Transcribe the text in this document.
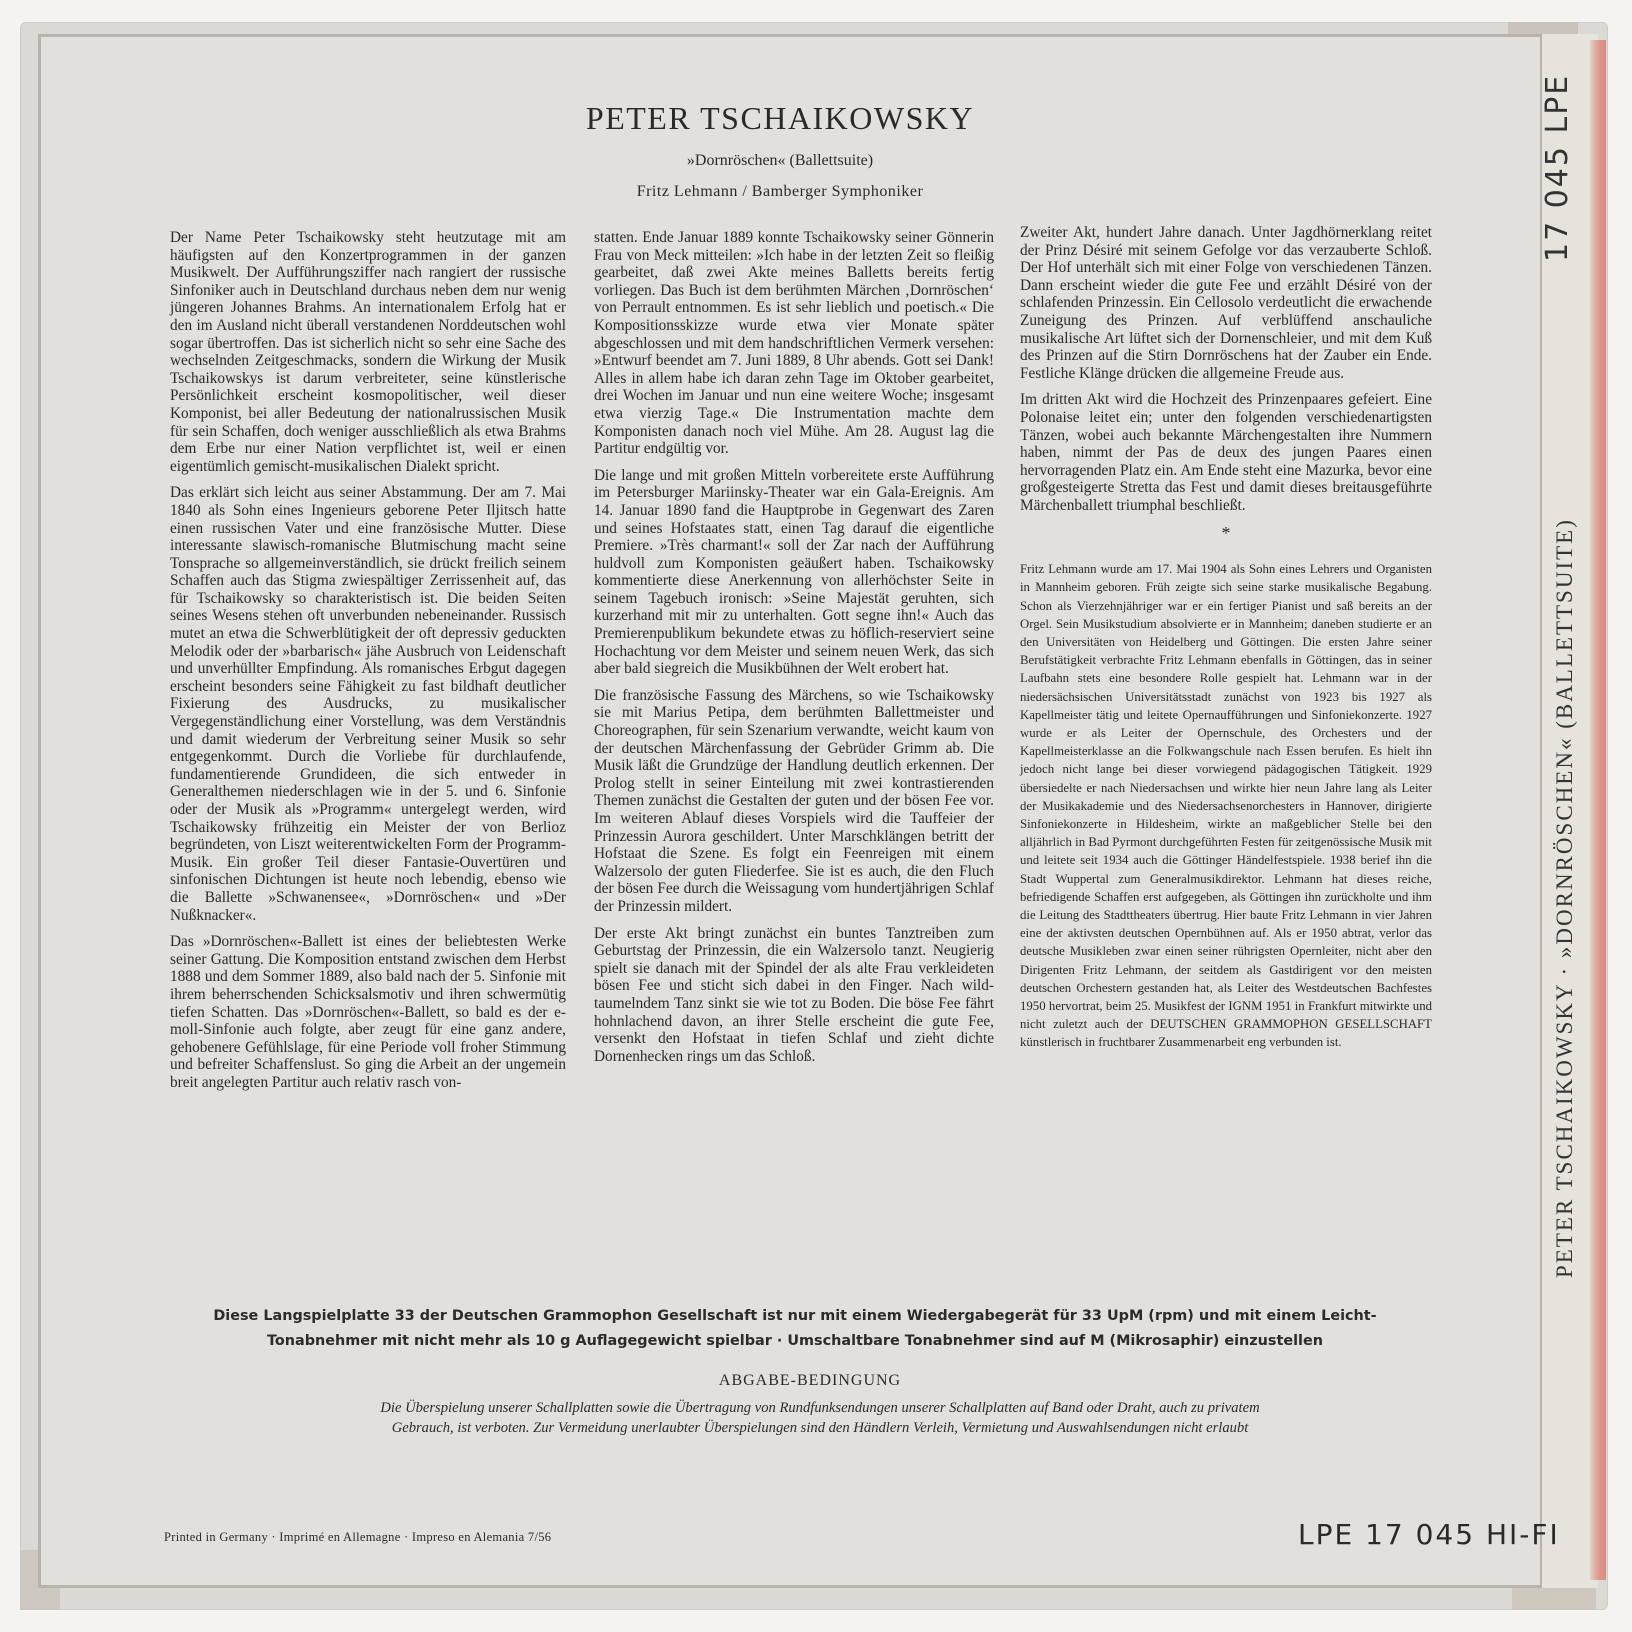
PETER TSCHAIKOWSKY
»Dornröschen« (Ballettsuite)
Fritz Lehmann / Bamberger Symphoniker

Der Name Peter Tschaikowsky steht heutzutage mit am häufigsten auf den Konzertprogrammen in der ganzen Musikwelt. Der Aufführungsziffer nach rangiert der russische Sinfoniker auch in Deutschland durchaus neben dem nur wenig jüngeren Johannes Brahms. An internationalem Erfolg hat er den im Ausland nicht überall verstandenen Norddeutschen wohl sogar übertroffen. Das ist sicherlich nicht so sehr eine Sache des wechselnden Zeitgeschmacks, sondern die Wirkung der Musik Tschaikowskys ist darum verbreiteter, seine künstlerische Persönlichkeit erscheint kosmopolitischer, weil dieser Komponist, bei aller Bedeutung der nationalrussischen Musik für sein Schaffen, doch weniger ausschließlich als etwa Brahms dem Erbe nur einer Nation verpflichtet ist, weil er einen eigentümlich gemischt-musikalischen Dialekt spricht.

Das erklärt sich leicht aus seiner Abstammung. Der am 7. Mai 1840 als Sohn eines Ingenieurs geborene Peter Iljitsch hatte einen russischen Vater und eine französische Mutter. Diese interessante slawisch-romanische Blutmischung macht seine Tonsprache so allgemeinverständlich, sie drückt freilich seinem Schaffen auch das Stigma zwiespältiger Zerrissenheit auf, das für Tschaikowsky so charakteristisch ist. Die beiden Seiten seines Wesens stehen oft unverbunden nebeneinander. Russisch mutet an etwa die Schwerblütigkeit der oft depressiv geduckten Melodik oder der »barbarisch« jähe Ausbruch von Leidenschaft und unverhüllter Empfindung. Als romanisches Erbgut dagegen erscheint besonders seine Fähigkeit zu fast bildhaft deutlicher Fixierung des Ausdrucks, zu musikalischer Vergegenständlichung einer Vorstellung, was dem Verständnis und damit wiederum der Verbreitung seiner Musik so sehr entgegenkommt. Durch die Vorliebe für durchlaufende, fundamentierende Grundideen, die sich entweder in Generalthemen niederschlagen wie in der 5. und 6. Sinfonie oder der Musik als »Programm« untergelegt werden, wird Tschaikowsky frühzeitig ein Meister der von Berlioz begründeten, von Liszt weiterentwickelten Form der Programm-Musik. Ein großer Teil dieser Fantasie-Ouvertüren und sinfonischen Dichtungen ist heute noch lebendig, ebenso wie die Ballette »Schwanensee«, »Dornröschen« und »Der Nußknacker«.

Das »Dornröschen«-Ballett ist eines der beliebtesten Werke seiner Gattung. Die Komposition entstand zwischen dem Herbst 1888 und dem Sommer 1889, also bald nach der 5. Sinfonie mit ihrem beherrschenden Schicksalsmotiv und ihren schwermütig tiefen Schatten. Das »Dornröschen«-Ballett, so bald es der e-moll-Sinfonie auch folgte, aber zeugt für eine ganz andere, gehobenere Gefühlslage, für eine Periode voll froher Stimmung und befreiter Schaffenslust. So ging die Arbeit an der ungemein breit angelegten Partitur auch relativ rasch von-

statten. Ende Januar 1889 konnte Tschaikowsky seiner Gönnerin Frau von Meck mitteilen: »Ich habe in der letzten Zeit so fleißig gearbeitet, daß zwei Akte meines Balletts bereits fertig vorliegen. Das Buch ist dem berühmten Märchen ‚Dornröschen‘ von Perrault entnommen. Es ist sehr lieblich und poetisch.« Die Kompositionsskizze wurde etwa vier Monate später abgeschlossen und mit dem handschriftlichen Vermerk versehen: »Entwurf beendet am 7. Juni 1889, 8 Uhr abends. Gott sei Dank! Alles in allem habe ich daran zehn Tage im Oktober gearbeitet, drei Wochen im Januar und nun eine weitere Woche; insgesamt etwa vierzig Tage.« Die Instrumentation machte dem Komponisten danach noch viel Mühe. Am 28. August lag die Partitur endgültig vor.

Die lange und mit großen Mitteln vorbereitete erste Aufführung im Petersburger Mariinsky-Theater war ein Gala-Ereignis. Am 14. Januar 1890 fand die Hauptprobe in Gegenwart des Zaren und seines Hofstaates statt, einen Tag darauf die eigentliche Premiere. »Très charmant!« soll der Zar nach der Aufführung huldvoll zum Komponisten geäußert haben. Tschaikowsky kommentierte diese Anerkennung von allerhöchster Seite in seinem Tagebuch ironisch: »Seine Majestät geruhten, sich kurzerhand mit mir zu unterhalten. Gott segne ihn!« Auch das Premierenpublikum bekundete etwas zu höflich-reserviert seine Hochachtung vor dem Meister und seinem neuen Werk, das sich aber bald siegreich die Musikbühnen der Welt erobert hat.

Die französische Fassung des Märchens, so wie Tschaikowsky sie mit Marius Petipa, dem berühmten Ballettmeister und Choreographen, für sein Szenarium verwandte, weicht kaum von der deutschen Märchenfassung der Gebrüder Grimm ab. Die Musik läßt die Grundzüge der Handlung deutlich erkennen. Der Prolog stellt in seiner Einteilung mit zwei kontrastierenden Themen zunächst die Gestalten der guten und der bösen Fee vor. Im weiteren Ablauf dieses Vorspiels wird die Tauffeier der Prinzessin Aurora geschildert. Unter Marschklängen betritt der Hofstaat die Szene. Es folgt ein Feenreigen mit einem Walzersolo der guten Fliederfee. Sie ist es auch, die den Fluch der bösen Fee durch die Weissagung vom hundertjährigen Schlaf der Prinzessin mildert.

Der erste Akt bringt zunächst ein buntes Tanztreiben zum Geburtstag der Prinzessin, die ein Walzersolo tanzt. Neugierig spielt sie danach mit der Spindel der als alte Frau verkleideten bösen Fee und sticht sich dabei in den Finger. Nach wild-taumelndem Tanz sinkt sie wie tot zu Boden. Die böse Fee fährt hohnlachend davon, an ihrer Stelle erscheint die gute Fee, versenkt den Hofstaat in tiefen Schlaf und zieht dichte Dornenhecken rings um das Schloß.

Zweiter Akt, hundert Jahre danach. Unter Jagdhörnerklang reitet der Prinz Désiré mit seinem Gefolge vor das verzauberte Schloß. Der Hof unterhält sich mit einer Folge von verschiedenen Tänzen. Dann erscheint wieder die gute Fee und erzählt Désiré von der schlafenden Prinzessin. Ein Cellosolo verdeutlicht die erwachende Zuneigung des Prinzen. Auf verblüffend anschauliche musikalische Art lüftet sich der Dornenschleier, und mit dem Kuß des Prinzen auf die Stirn Dornröschens hat der Zauber ein Ende. Festliche Klänge drücken die allgemeine Freude aus.

Im dritten Akt wird die Hochzeit des Prinzenpaares gefeiert. Eine Polonaise leitet ein; unter den folgenden verschiedenartigsten Tänzen, wobei auch bekannte Märchengestalten ihre Nummern haben, nimmt der Pas de deux des jungen Paares einen hervorragenden Platz ein. Am Ende steht eine Mazurka, bevor eine großgesteigerte Stretta das Fest und damit dieses breitausgeführte Märchenballett triumphal beschließt.

*

Fritz Lehmann wurde am 17. Mai 1904 als Sohn eines Lehrers und Organisten in Mannheim geboren. Früh zeigte sich seine starke musikalische Begabung. Schon als Vierzehnjähriger war er ein fertiger Pianist und saß bereits an der Orgel. Sein Musikstudium absolvierte er in Mannheim; daneben studierte er an den Universitäten von Heidelberg und Göttingen. Die ersten Jahre seiner Berufstätigkeit verbrachte Fritz Lehmann ebenfalls in Göttingen, das in seiner Laufbahn stets eine besondere Rolle gespielt hat. Lehmann war in der niedersächsischen Universitätsstadt zunächst von 1923 bis 1927 als Kapellmeister tätig und leitete Opernaufführungen und Sinfoniekonzerte. 1927 wurde er als Leiter der Opernschule, des Orchesters und der Kapellmeisterklasse an die Folkwangschule nach Essen berufen. Es hielt ihn jedoch nicht lange bei dieser vorwiegend pädagogischen Tätigkeit. 1929 übersiedelte er nach Niedersachsen und wirkte hier neun Jahre lang als Leiter der Musikakademie und des Niedersachsenorchesters in Hannover, dirigierte Sinfoniekonzerte in Hildesheim, wirkte an maßgeblicher Stelle bei den alljährlich in Bad Pyrmont durchgeführten Festen für zeitgenössische Musik mit und leitete seit 1934 auch die Göttinger Händelfestspiele. 1938 berief ihn die Stadt Wuppertal zum Generalmusikdirektor. Lehmann hat dieses reiche, befriedigende Schaffen erst aufgegeben, als Göttingen ihn zurückholte und ihm die Leitung des Stadttheaters übertrug. Hier baute Fritz Lehmann in vier Jahren eine der aktivsten deutschen Opernbühnen auf. Als er 1950 abtrat, verlor das deutsche Musikleben zwar einen seiner rührigsten Opernleiter, nicht aber den Dirigenten Fritz Lehmann, der seitdem als Gastdirigent vor den meisten deutschen Orchestern gestanden hat, als Leiter des Westdeutschen Bachfestes 1950 hervortrat, beim 25. Musikfest der IGNM 1951 in Frankfurt mitwirkte und nicht zuletzt auch der DEUTSCHEN GRAMMOPHON GESELLSCHAFT künstlerisch in fruchtbarer Zusammenarbeit eng verbunden ist.

Diese Langspielplatte 33 der Deutschen Grammophon Gesellschaft ist nur mit einem Wiedergabegerät für 33 UpM (rpm) und mit einem Leicht-
Tonabnehmer mit nicht mehr als 10 g Auflagegewicht spielbar · Umschaltbare Tonabnehmer sind auf M (Mikrosaphir) einzustellen
ABGABE-BEDINGUNG
Die Überspielung unserer Schallplatten sowie die Übertragung von Rundfunksendungen unserer Schallplatten auf Band oder Draht, auch zu privatem
Gebrauch, ist verboten. Zur Vermeidung unerlaubter Überspielungen sind den Händlern Verleih, Vermietung und Auswahlsendungen nicht erlaubt
Printed in Germany · Imprimé en Allemagne · Impreso en Alemania 7/56	LPE 17 045 HI-FI
17 045 LPE
PETER TSCHAIKOWSKY · »DORNRÖSCHEN« (BALLETTSUITE)
